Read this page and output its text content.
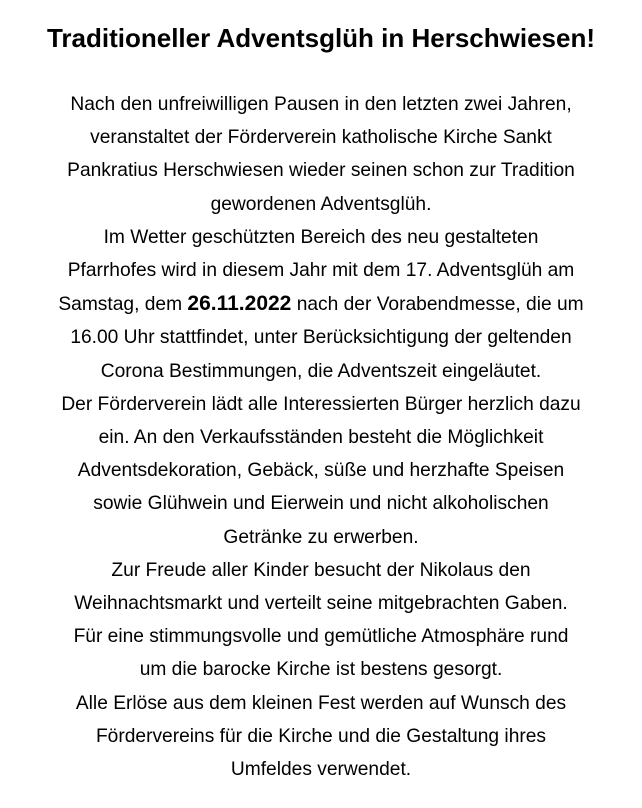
Traditioneller Adventsglüh in Herschwiesen!
Nach den unfreiwilligen Pausen in den letzten zwei Jahren,
veranstaltet der Förderverein katholische Kirche Sankt
Pankratius Herschwiesen wieder seinen schon zur Tradition
gewordenen Adventsglüh.
Im Wetter geschützten Bereich des neu gestalteten
Pfarrhofes wird in diesem Jahr mit dem 17. Adventsglüh am
Samstag, dem 26.11.2022 nach der Vorabendmesse, die um
16.00 Uhr stattfindet, unter Berücksichtigung der geltenden
Corona Bestimmungen, die Adventszeit eingeläutet.
Der Förderverein lädt alle Interessierten Bürger herzlich dazu
ein. An den Verkaufsständen besteht die Möglichkeit
Adventsdekoration, Gebäck, süße und herzhafte Speisen
sowie Glühwein und Eierwein und nicht alkoholischen
Getränke zu erwerben.
Zur Freude aller Kinder besucht der Nikolaus den
Weihnachtsmarkt und verteilt seine mitgebrachten Gaben.
Für eine stimmungsvolle und gemütliche Atmosphäre rund
um die barocke Kirche ist bestens gesorgt.
Alle Erlöse aus dem kleinen Fest werden auf Wunsch des
Fördervereins für die Kirche und die Gestaltung ihres
Umfeldes verwendet.
